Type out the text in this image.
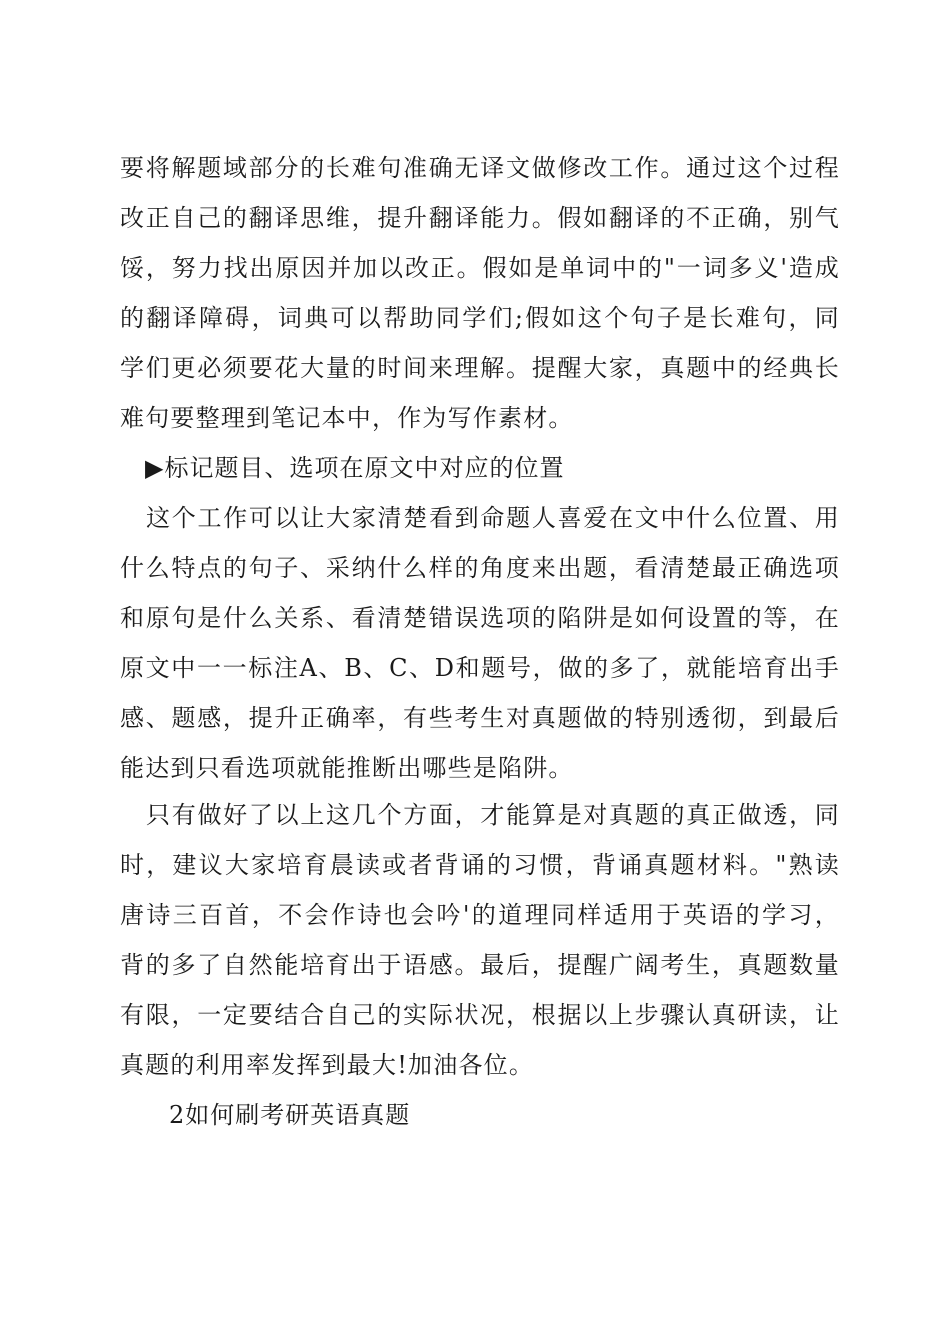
要将解题域部分的长难句准确无译文做修改工作。通过这个过程
改正自己的翻译思维，提升翻译能力。假如翻译的不正确，别气
馁，努力找出原因并加以改正。假如是单词中的"一词多义'造成
的翻译障碍，词典可以帮助同学们;假如这个句子是长难句，同
学们更必须要花大量的时间来理解。提醒大家，真题中的经典长
难句要整理到笔记本中，作为写作素材。
▶标记题目、选项在原文中对应的位置
这个工作可以让大家清楚看到命题人喜爱在文中什么位置、用
什么特点的句子、采纳什么样的角度来出题，看清楚最正确选项
和原句是什么关系、看清楚错误选项的陷阱是如何设置的等，在
原文中一一标注A、B、C、D和题号，做的多了，就能培育出手
感、题感，提升正确率，有些考生对真题做的特别透彻，到最后
能达到只看选项就能推断出哪些是陷阱。
只有做好了以上这几个方面，才能算是对真题的真正做透，同
时，建议大家培育晨读或者背诵的习惯，背诵真题材料。"熟读
唐诗三百首，不会作诗也会吟'的道理同样适用于英语的学习，
背的多了自然能培育出于语感。最后，提醒广阔考生，真题数量
有限，一定要结合自己的实际状况，根据以上步骤认真研读，让
真题的利用率发挥到最大!加油各位。
2如何刷考研英语真题
